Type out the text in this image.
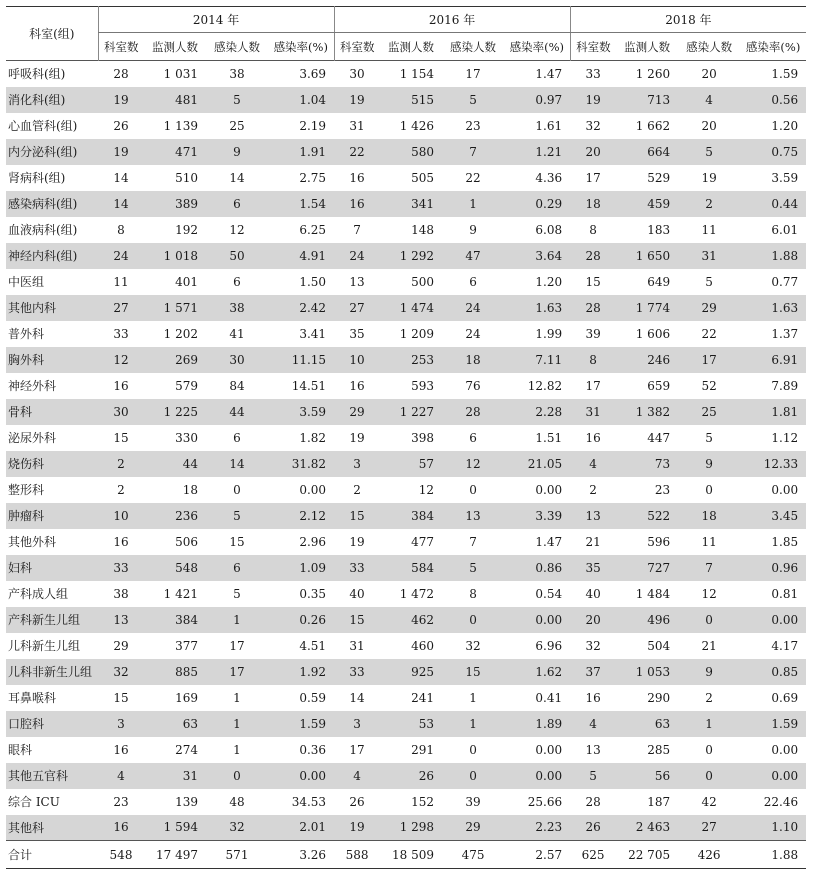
科室(组)	2014 年				2016 年				2018 年			
	科室数	监测人数	感染人数	感染率(%)	科室数	监测人数	感染人数	感染率(%)	科室数	监测人数	感染人数	感染率(%)
呼吸科(组)	28	1 031	38	3.69	30	1 154	17	1.47	33	1 260	20	1.59
消化科(组)	19	481	5	1.04	19	515	5	0.97	19	713	4	0.56
心血管科(组)	26	1 139	25	2.19	31	1 426	23	1.61	32	1 662	20	1.20
内分泌科(组)	19	471	9	1.91	22	580	7	1.21	20	664	5	0.75
肾病科(组)	14	510	14	2.75	16	505	22	4.36	17	529	19	3.59
感染病科(组)	14	389	6	1.54	16	341	1	0.29	18	459	2	0.44
血液病科(组)	8	192	12	6.25	7	148	9	6.08	8	183	11	6.01
神经内科(组)	24	1 018	50	4.91	24	1 292	47	3.64	28	1 650	31	1.88
中医组	11	401	6	1.50	13	500	6	1.20	15	649	5	0.77
其他内科	27	1 571	38	2.42	27	1 474	24	1.63	28	1 774	29	1.63
普外科	33	1 202	41	3.41	35	1 209	24	1.99	39	1 606	22	1.37
胸外科	12	269	30	11.15	10	253	18	7.11	8	246	17	6.91
神经外科	16	579	84	14.51	16	593	76	12.82	17	659	52	7.89
骨科	30	1 225	44	3.59	29	1 227	28	2.28	31	1 382	25	1.81
泌尿外科	15	330	6	1.82	19	398	6	1.51	16	447	5	1.12
烧伤科	2	44	14	31.82	3	57	12	21.05	4	73	9	12.33
整形科	2	18	0	0.00	2	12	0	0.00	2	23	0	0.00
肿瘤科	10	236	5	2.12	15	384	13	3.39	13	522	18	3.45
其他外科	16	506	15	2.96	19	477	7	1.47	21	596	11	1.85
妇科	33	548	6	1.09	33	584	5	0.86	35	727	7	0.96
产科成人组	38	1 421	5	0.35	40	1 472	8	0.54	40	1 484	12	0.81
产科新生儿组	13	384	1	0.26	15	462	0	0.00	20	496	0	0.00
儿科新生儿组	29	377	17	4.51	31	460	32	6.96	32	504	21	4.17
儿科非新生儿组	32	885	17	1.92	33	925	15	1.62	37	1 053	9	0.85
耳鼻喉科	15	169	1	0.59	14	241	1	0.41	16	290	2	0.69
口腔科	3	63	1	1.59	3	53	1	1.89	4	63	1	1.59
眼科	16	274	1	0.36	17	291	0	0.00	13	285	0	0.00
其他五官科	4	31	0	0.00	4	26	0	0.00	5	56	0	0.00
综合 ICU	23	139	48	34.53	26	152	39	25.66	28	187	42	22.46
其他科	16	1 594	32	2.01	19	1 298	29	2.23	26	2 463	27	1.10
合计	548	17 497	571	3.26	588	18 509	475	2.57	625	22 705	426	1.88
